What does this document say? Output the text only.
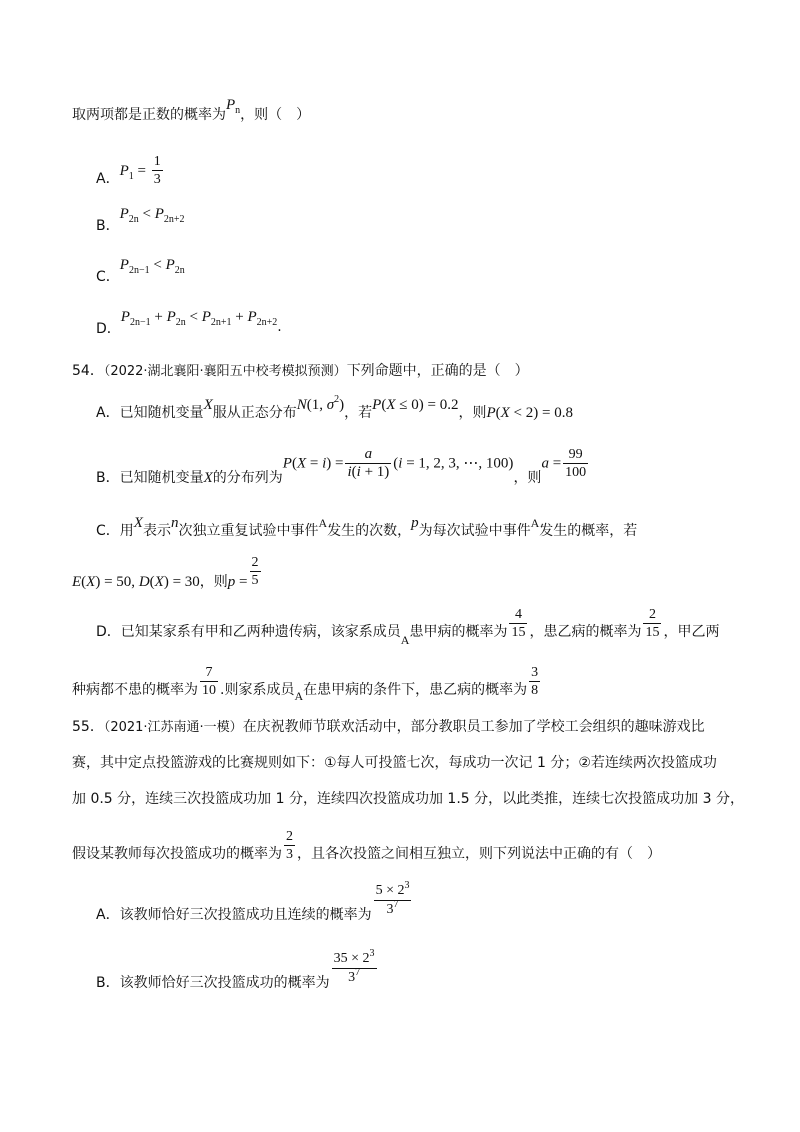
取两项都是正数的概率为$P_n$，则（　）
A．$P_1 = \frac{1}{3}$
B．$P_{2n} < P_{2n+2}$
C．$P_{2n-1} < P_{2n}$
D．$P_{2n-1} + P_{2n} < P_{2n+1} + P_{2n+2}$.
54．（2022·湖北襄阳·襄阳五中校考模拟预测）下列命题中，正确的是（　）
A．已知随机变量X服从正态分布N(1, $\sigma^2$)，若P(X ≤ 0) = 0.2，则P(X < 2) = 0.8
B．已知随机变量X的分布列为$P(X = i) = \frac{a}{i(i + 1)} (i = 1$, 2, 3, ⋯, 100)，则$a = \frac{99}{100}$
C．用X表示n次独立重复试验中事件A发生的次数，p为每次试验中事件A发生的概率，若
E(X) = 50, D(X) = 30，则$p = \frac{2}{5}$
D．已知某家系有甲和乙两种遗传病，该家系成员A患甲病的概率为 $\frac{4}{15}$ ，患乙病的概率为 $\frac{2}{15}$ ，甲乙两
种病都不患的概率为 $\frac{7}{10}$ .则家系成员A在患甲病的条件下，患乙病的概率为 $\frac{3}{8}$
55．（2021·江苏南通·一模）在庆祝教师节联欢活动中，部分教职员工参加了学校工会组织的趣味游戏比
赛，其中定点投篮游戏的比赛规则如下：①每人可投篮七次，每成功一次记 1 分；②若连续两次投篮成功
加 0.5 分，连续三次投篮成功加 1 分，连续四次投篮成功加 1.5 分，以此类推，连续七次投篮成功加 3 分，
假设某教师每次投篮成功的概率为 $\frac{2}{3}$ ，且各次投篮之间相互独立，则下列说法中正确的有（　）
A．该教师恰好三次投篮成功且连续的概率为 $\frac{5 \times 2^3}{3^7}$
B．该教师恰好三次投篮成功的概率为 $\frac{35 \times 2^3}{3^7}$
